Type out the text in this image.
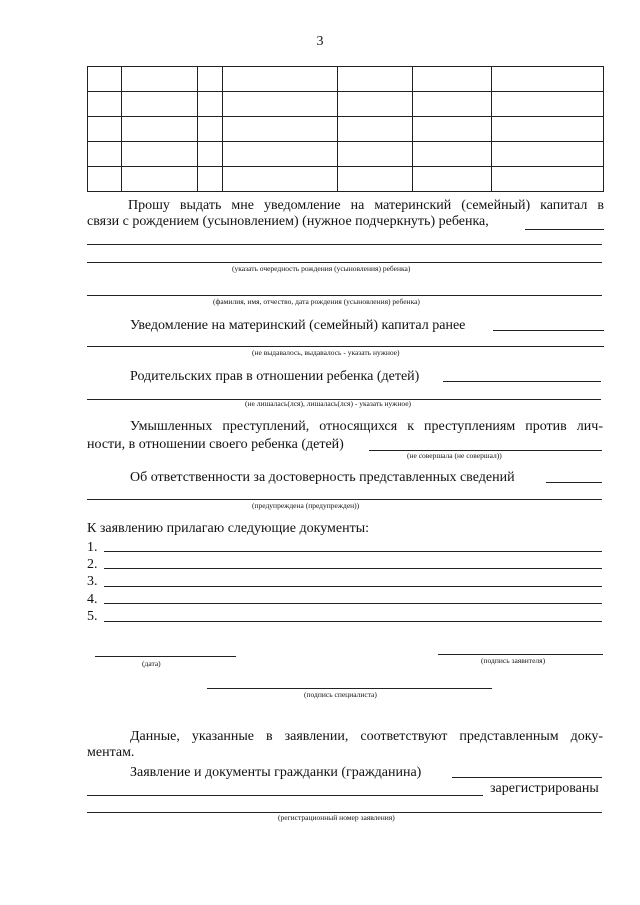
3

Прошу выдать мне уведомление на материнский (семейный) капитал в
связи с рождением (усыновлением) (нужное подчеркнуть) ребенка,
(указать очередность рождения (усыновления) ребенка)
(фамилия, имя, отчество, дата рождения (усыновления) ребенка)
Уведомление на материнский (семейный) капитал ранее
(не выдавалось, выдавалось - указать нужное)
Родительских прав в отношении ребенка (детей)
(не лишалась(лся), лишалась(лся) - указать нужное)
Умышленных преступлений, относящихся к преступлениям против лич-
ности, в отношении своего ребенка (детей)
(не совершала (не совершал))
Об ответственности за достоверность представленных сведений
(предупреждена (предупрежден))
К заявлению прилагаю следующие документы:
1.
2.
3.
4.
5.
(дата)	(подпись заявителя)
(подпись специалиста)
Данные, указанные в заявлении, соответствуют представленным доку-
ментам.
Заявление и документы гражданки (гражданина)
зарегистрированы
(регистрационный номер заявления)
